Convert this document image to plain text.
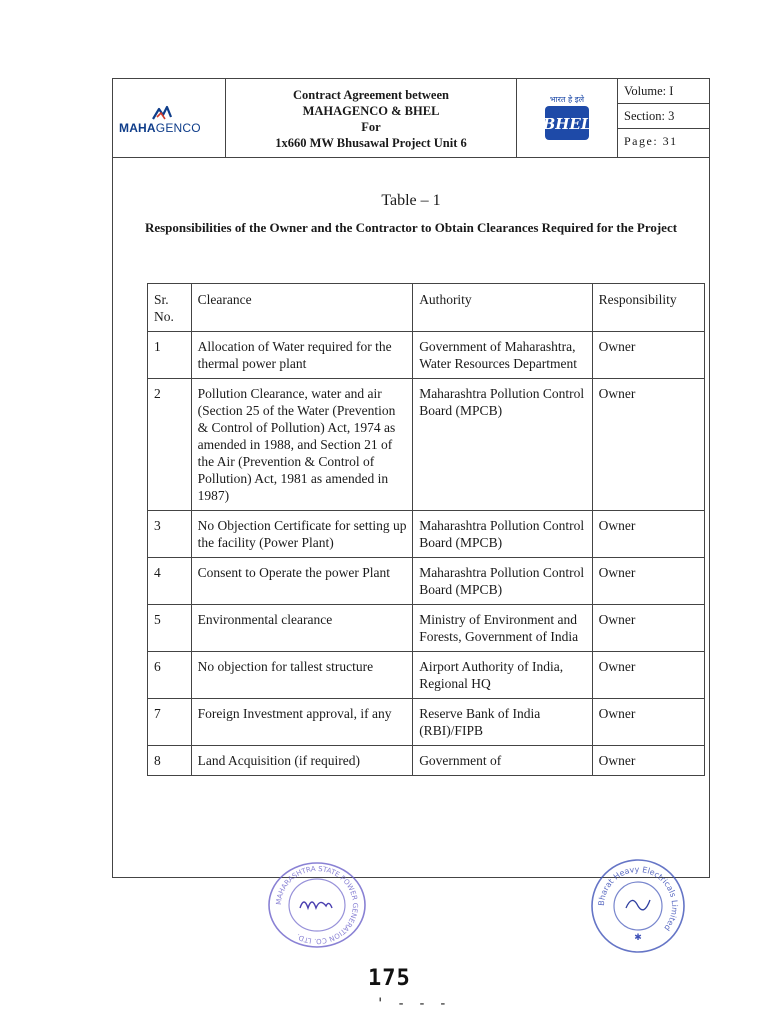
MAHAGENCO
Contract Agreement between
MAHAGENCO & BHEL
For
1x660 MW Bhusawal Project Unit 6
भारत हे इले
BHEL
Volume: I
Section: 3
Page: 31
Table – 1
Responsibilities of the Owner and the Contractor to Obtain Clearances Required for the Project
Sr. No.	Clearance	Authority	Responsibility
1	Allocation of Water required for the thermal power plant	Government of Maharashtra, Water Resources Department	Owner
2	Pollution Clearance, water and air (Section 25 of the Water (Prevention & Control of Pollution) Act, 1974 as amended in 1988, and Section 21 of the Air (Prevention & Control of Pollution) Act, 1981 as amended in 1987)	Maharashtra Pollution Control Board (MPCB)	Owner
3	No Objection Certificate for setting up the facility (Power Plant)	Maharashtra Pollution Control Board (MPCB)	Owner
4	Consent to Operate the power Plant	Maharashtra Pollution Control Board (MPCB)	Owner
5	Environmental clearance	Ministry of Environment and Forests, Government of India	Owner
6	No objection for tallest structure	Airport Authority of India, Regional HQ	Owner
7	Foreign Investment approval, if any	Reserve Bank of India (RBI)/FIPB	Owner
8	Land Acquisition (if required)	Government of	Owner
MAHARASHTRA STATE POWER GENERATION CO. LTD.
Bharat Heavy Electricals Limited
✱
175
' - - -
